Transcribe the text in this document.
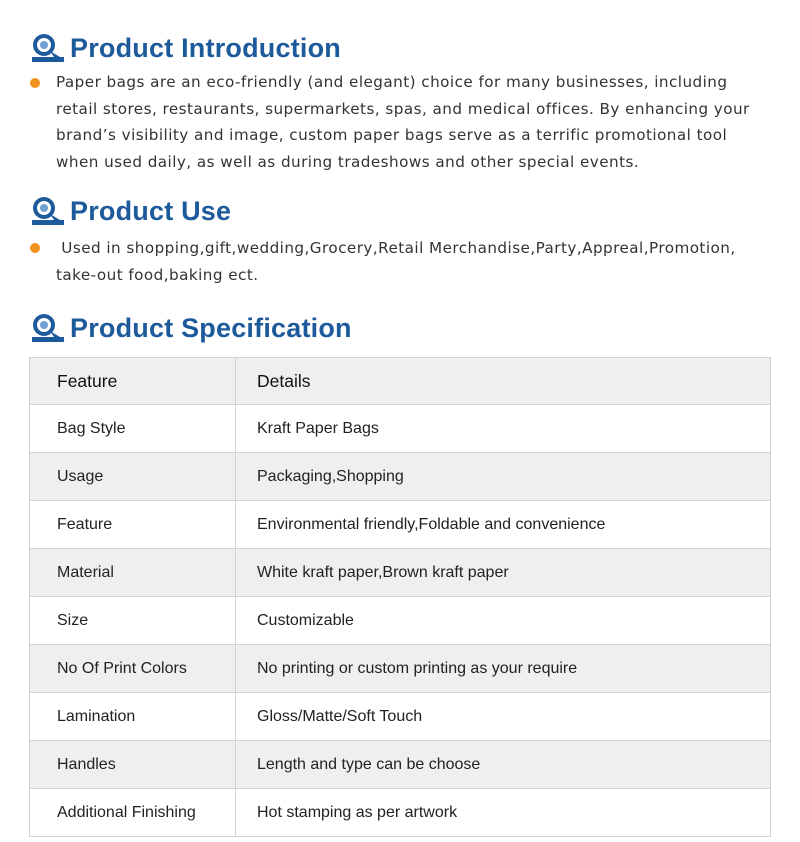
Product Introduction

Paper bags are an eco-friendly (and elegant) choice for many businesses, including
retail stores, restaurants, supermarkets, spas, and medical offices. By enhancing your
brand’s visibility and image, custom paper bags serve as a terrific promotional tool
when used daily, as well as during tradeshows and other special events.

Product Use

Used in shopping,gift,wedding,Grocery,Retail Merchandise,Party,Appreal,Promotion,
take-out food,baking ect.

Product Specification
Feature	Details
Bag Style	Kraft Paper Bags
Usage	Packaging,Shopping
Feature	Environmental friendly,Foldable and convenience
Material	White kraft paper,Brown kraft paper
Size	Customizable
No Of Print Colors	No printing or custom printing as your require
Lamination	Gloss/Matte/Soft Touch
Handles	Length and type can be choose
Additional Finishing	Hot stamping as per artwork
